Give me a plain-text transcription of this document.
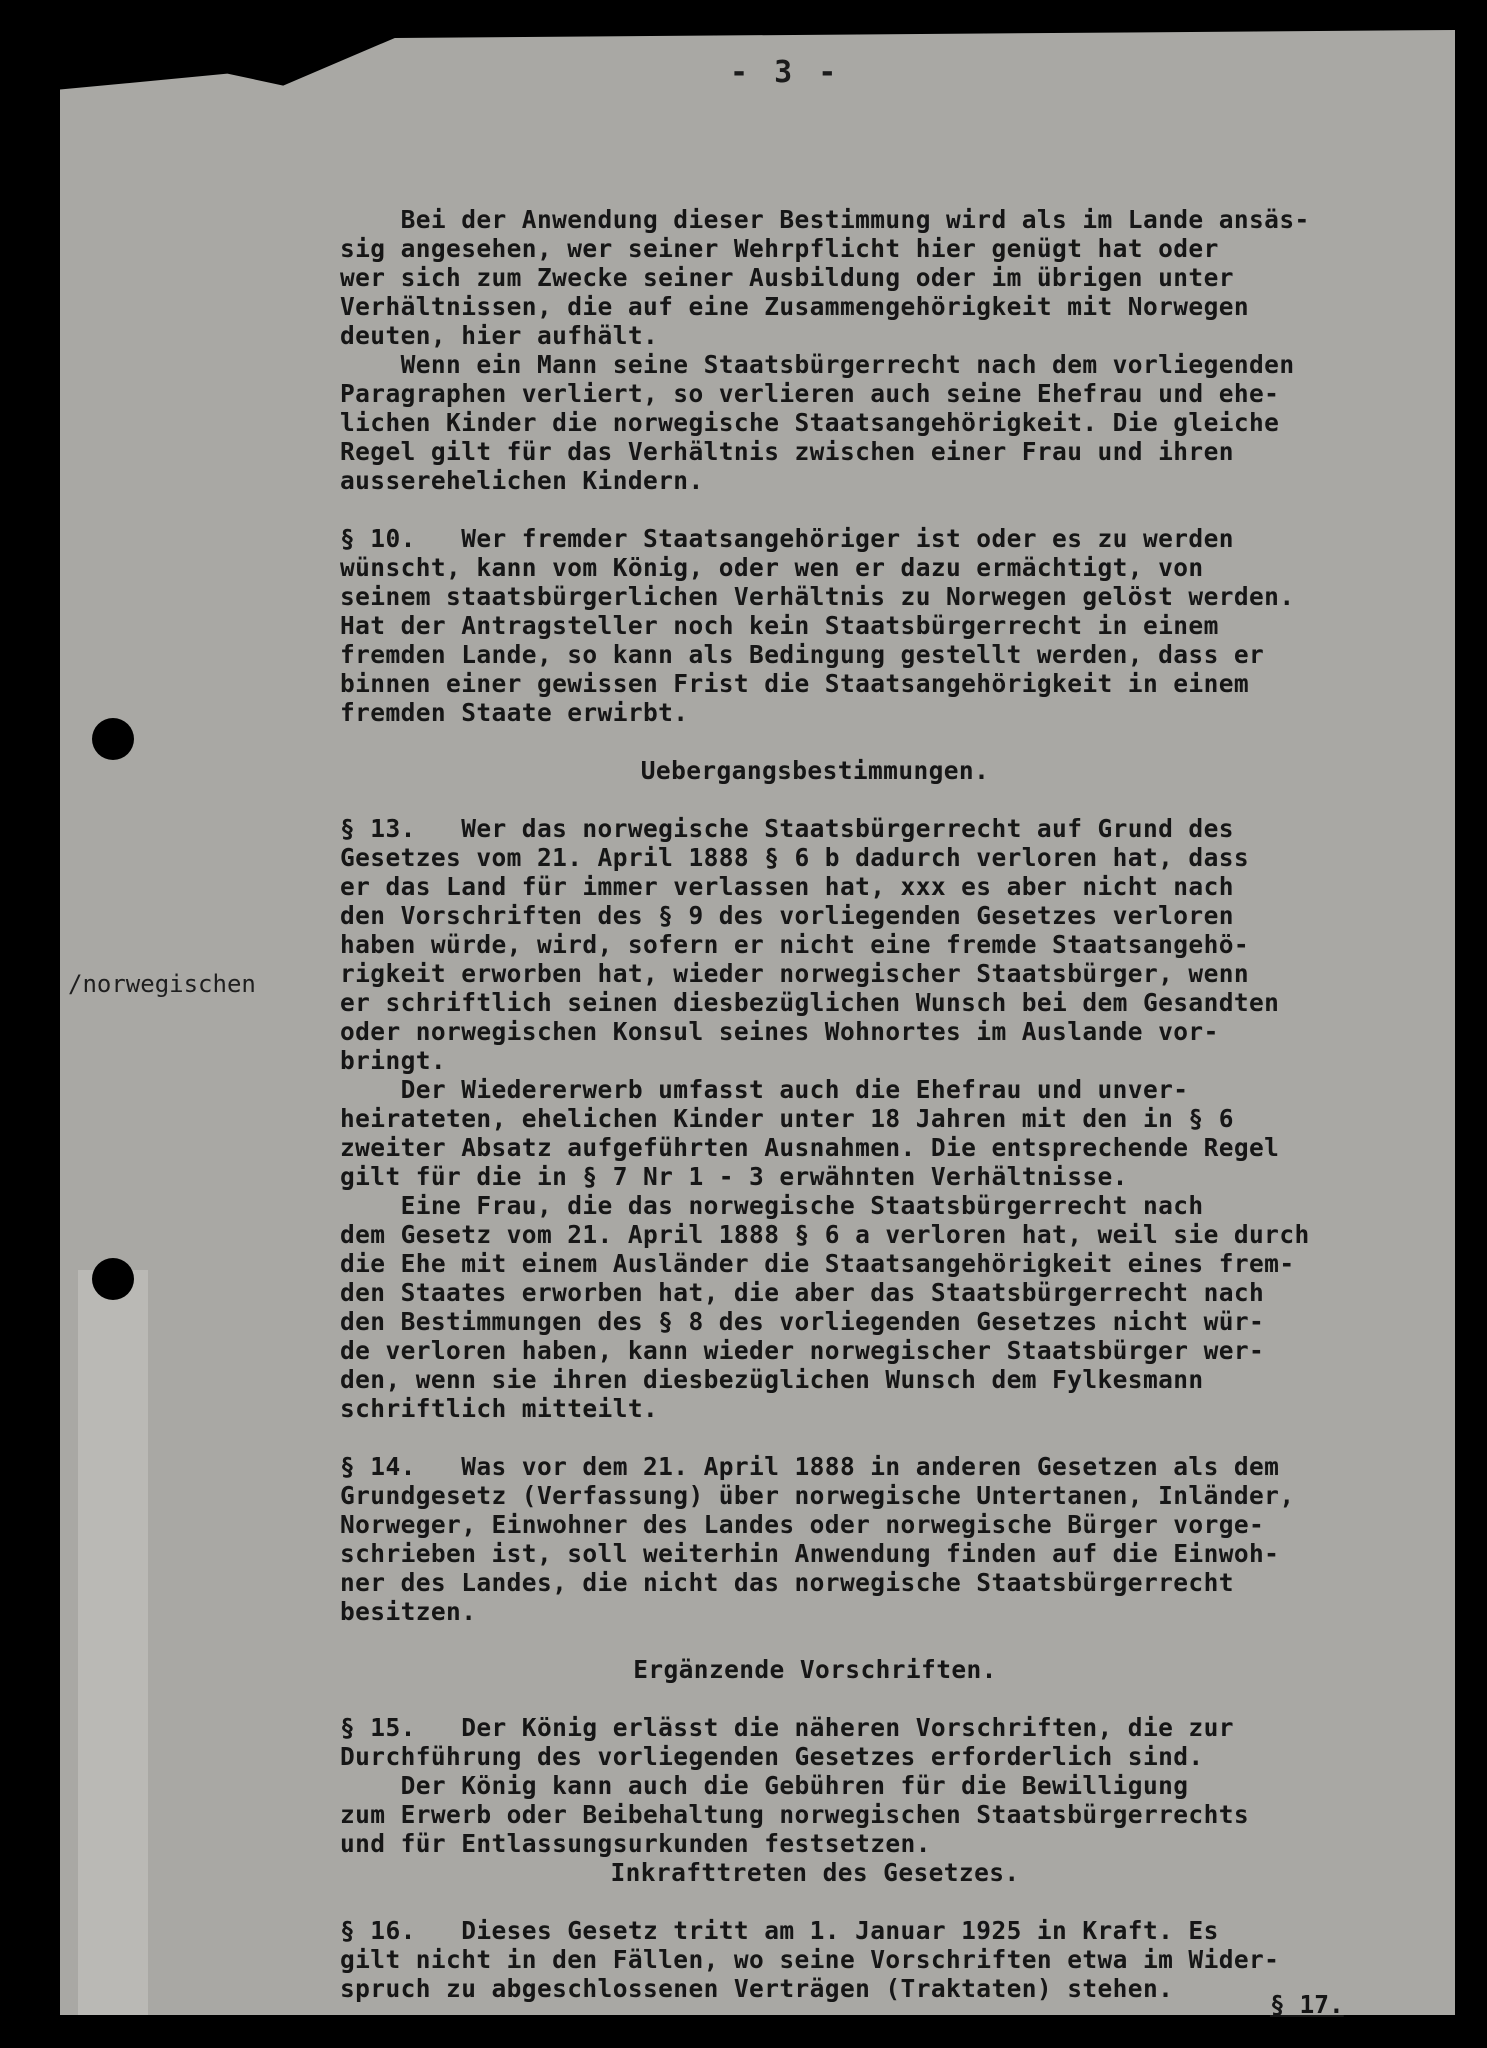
- 3 -
/norwegischen
Bei der Anwendung dieser Bestimmung wird als im Lande ansäs-
sig angesehen, wer seiner Wehrpflicht hier genügt hat oder
wer sich zum Zwecke seiner Ausbildung oder im übrigen unter
Verhältnissen, die auf eine Zusammengehörigkeit mit Norwegen
deuten, hier aufhält.
Wenn ein Mann seine Staatsbürgerrecht nach dem vorliegenden
Paragraphen verliert, so verlieren auch seine Ehefrau und ehe-
lichen Kinder die norwegische Staatsangehörigkeit. Die gleiche
Regel gilt für das Verhältnis zwischen einer Frau und ihren
ausserehelichen Kindern.
§ 10.   Wer fremder Staatsangehöriger ist oder es zu werden
wünscht, kann vom König, oder wen er dazu ermächtigt, von
seinem staatsbürgerlichen Verhältnis zu Norwegen gelöst werden.
Hat der Antragsteller noch kein Staatsbürgerrecht in einem
fremden Lande, so kann als Bedingung gestellt werden, dass er
binnen einer gewissen Frist die Staatsangehörigkeit in einem
fremden Staate erwirbt.
Uebergangsbestimmungen.
§ 13.   Wer das norwegische Staatsbürgerrecht auf Grund des
Gesetzes vom 21. April 1888 § 6 b dadurch verloren hat, dass
er das Land für immer verlassen hat, xxx es aber nicht nach
den Vorschriften des § 9 des vorliegenden Gesetzes verloren
haben würde, wird, sofern er nicht eine fremde Staatsangehö-
rigkeit erworben hat, wieder norwegischer Staatsbürger, wenn
er schriftlich seinen diesbezüglichen Wunsch bei dem Gesandten
oder norwegischen Konsul seines Wohnortes im Auslande vor-
bringt.
Der Wiedererwerb umfasst auch die Ehefrau und unver-
heirateten, ehelichen Kinder unter 18 Jahren mit den in § 6
zweiter Absatz aufgeführten Ausnahmen. Die entsprechende Regel
gilt für die in § 7 Nr 1 - 3 erwähnten Verhältnisse.
Eine Frau, die das norwegische Staatsbürgerrecht nach
dem Gesetz vom 21. April 1888 § 6 a verloren hat, weil sie durch
die Ehe mit einem Ausländer die Staatsangehörigkeit eines frem-
den Staates erworben hat, die aber das Staatsbürgerrecht nach
den Bestimmungen des § 8 des vorliegenden Gesetzes nicht wür-
de verloren haben, kann wieder norwegischer Staatsbürger wer-
den, wenn sie ihren diesbezüglichen Wunsch dem Fylkesmann
schriftlich mitteilt.
§ 14.   Was vor dem 21. April 1888 in anderen Gesetzen als dem
Grundgesetz (Verfassung) über norwegische Untertanen, Inländer,
Norweger, Einwohner des Landes oder norwegische Bürger vorge-
schrieben ist, soll weiterhin Anwendung finden auf die Einwoh-
ner des Landes, die nicht das norwegische Staatsbürgerrecht
besitzen.
Ergänzende Vorschriften.
§ 15.   Der König erlässt die näheren Vorschriften, die zur
Durchführung des vorliegenden Gesetzes erforderlich sind.
Der König kann auch die Gebühren für die Bewilligung
zum Erwerb oder Beibehaltung norwegischen Staatsbürgerrechts
und für Entlassungsurkunden festsetzen.
Inkrafttreten des Gesetzes.
§ 16.   Dieses Gesetz tritt am 1. Januar 1925 in Kraft. Es
gilt nicht in den Fällen, wo seine Vorschriften etwa im Wider-
spruch zu abgeschlossenen Verträgen (Traktaten) stehen.
§ 17.
